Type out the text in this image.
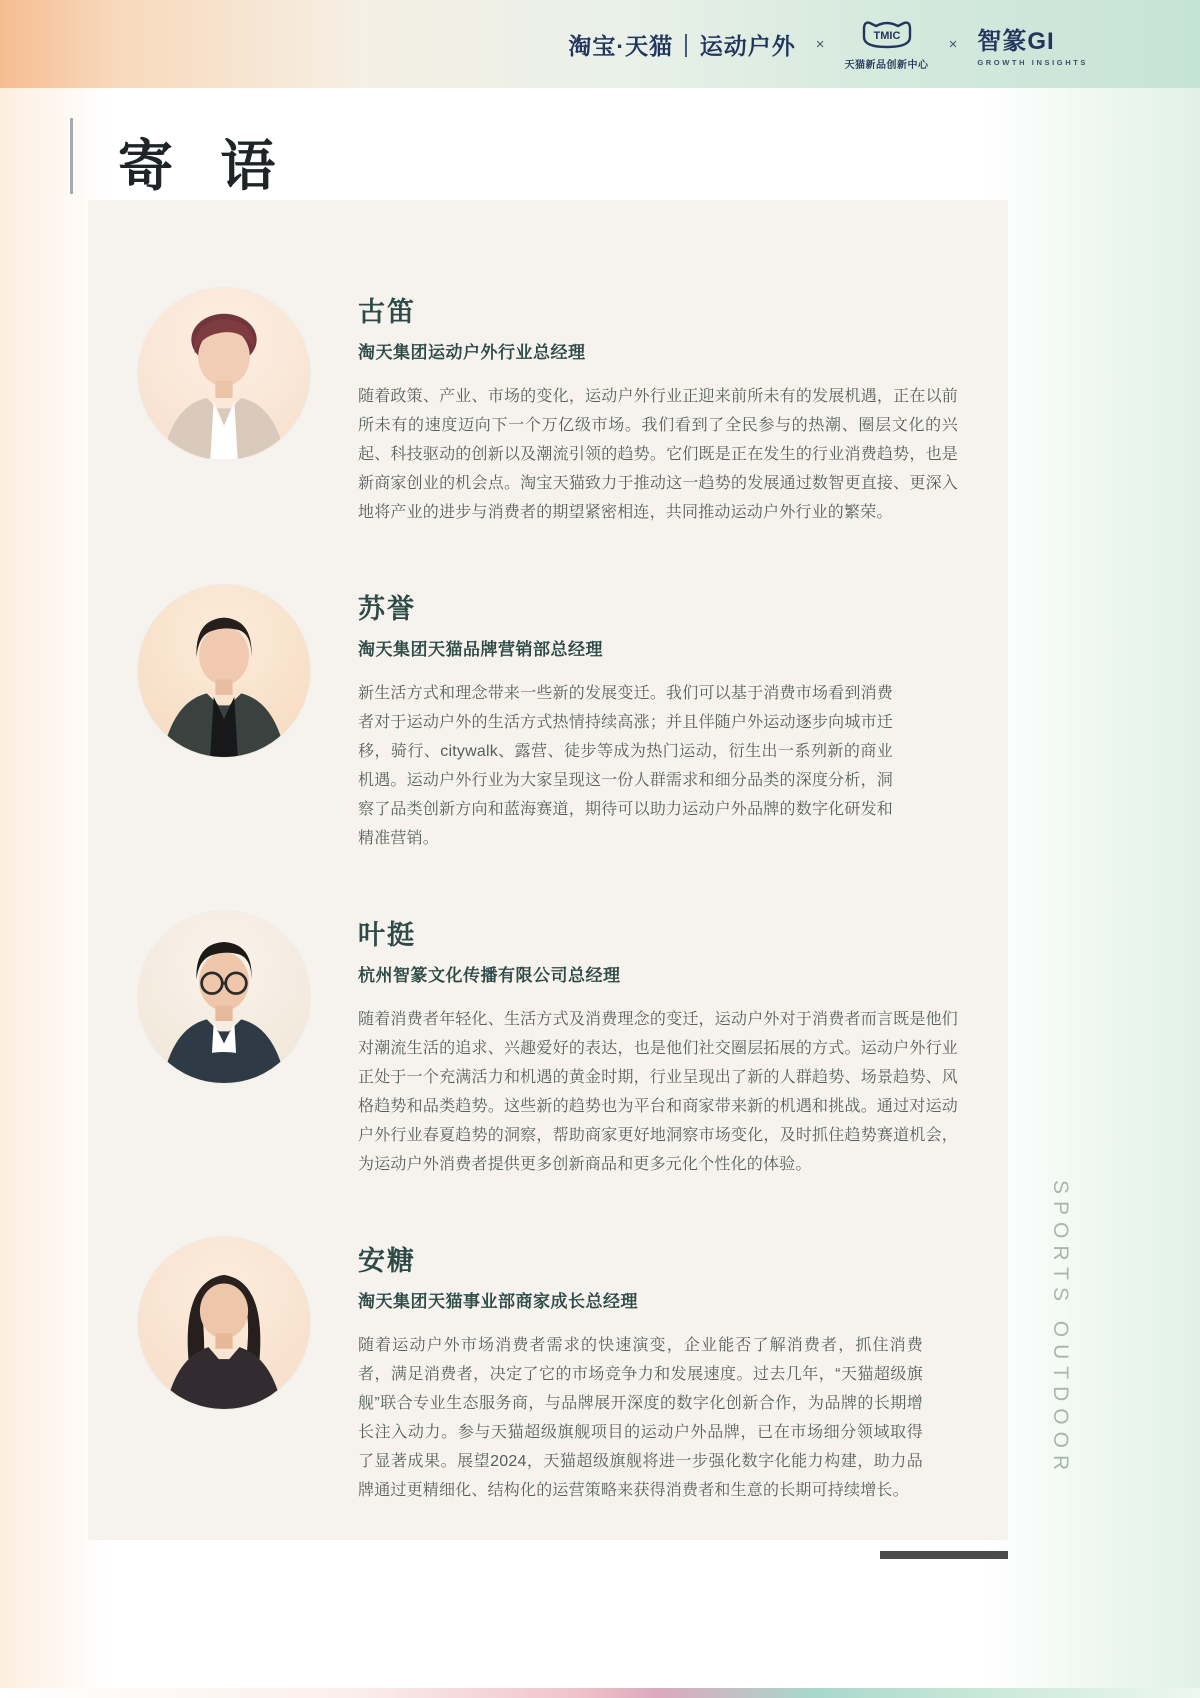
淘宝·天猫 | 运动户外 ×	TMIC
天猫新品创新中心
× 智篆GI
GROWTH INSIGHTS
寄 语
古笛
淘天集团运动户外行业总经理

随着政策、产业、市场的变化，运动户外行业正迎来前所未有的发展机遇，正在以前所未有的速度迈向下一个万亿级市场。我们看到了全民参与的热潮、圈层文化的兴起、科技驱动的创新以及潮流引领的趋势。它们既是正在发生的行业消费趋势，也是新商家创业的机会点。淘宝天猫致力于推动这一趋势的发展通过数智更直接、更深入地将产业的进步与消费者的期望紧密相连，共同推动运动户外行业的繁荣。

苏誉
淘天集团天猫品牌营销部总经理

新生活方式和理念带来一些新的发展变迁。我们可以基于消费市场看到消费者对于运动户外的生活方式热情持续高涨；并且伴随户外运动逐步向城市迁移，骑行、citywalk、露营、徒步等成为热门运动，衍生出一系列新的商业机遇。运动户外行业为大家呈现这一份人群需求和细分品类的深度分析，洞察了品类创新方向和蓝海赛道，期待可以助力运动户外品牌的数字化研发和精准营销。

叶挺
杭州智篆文化传播有限公司总经理

随着消费者年轻化、生活方式及消费理念的变迁，运动户外对于消费者而言既是他们对潮流生活的追求、兴趣爱好的表达，也是他们社交圈层拓展的方式。运动户外行业正处于一个充满活力和机遇的黄金时期，行业呈现出了新的人群趋势、场景趋势、风格趋势和品类趋势。这些新的趋势也为平台和商家带来新的机遇和挑战。通过对运动户外行业春夏趋势的洞察，帮助商家更好地洞察市场变化，及时抓住趋势赛道机会，为运动户外消费者提供更多创新商品和更多元化个性化的体验。

安糖
淘天集团天猫事业部商家成长总经理

随着运动户外市场消费者需求的快速演变，企业能否了解消费者，抓住消费者，满足消费者，决定了它的市场竞争力和发展速度。过去几年，“天猫超级旗舰”联合专业生态服务商，与品牌展开深度的数字化创新合作，为品牌的长期增长注入动力。参与天猫超级旗舰项目的运动户外品牌，已在市场细分领域取得了显著成果。展望2024，天猫超级旗舰将进一步强化数字化能力构建，助力品牌通过更精细化、结构化的运营策略来获得消费者和生意的长期可持续增长。

SPORTS OUTDOOR
